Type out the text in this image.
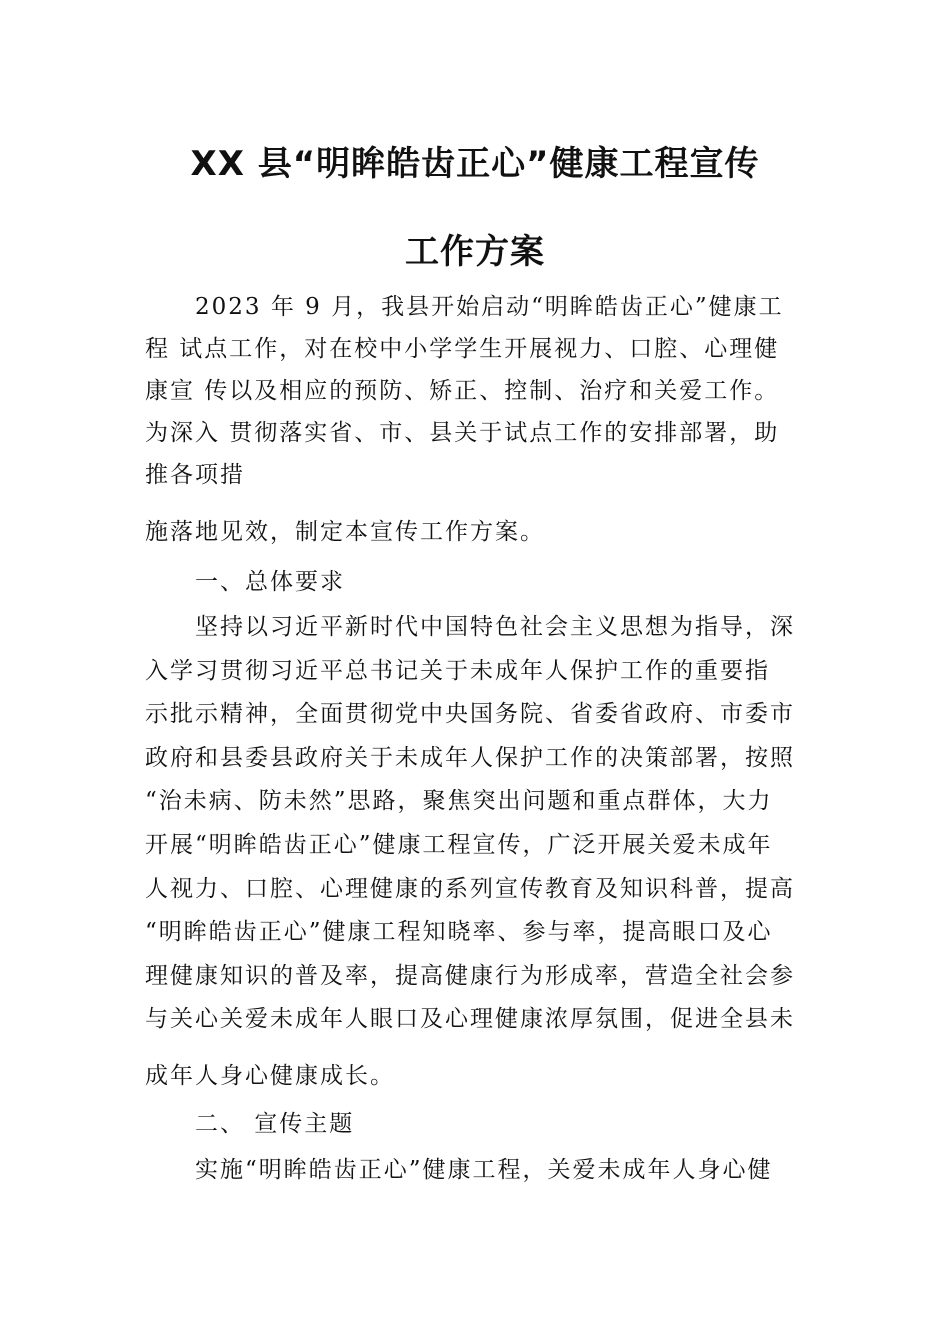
XX 县“明眸皓齿正心”健康工程宣传
工作方案
2023 年 9 月，我县开始启动“明眸皓齿正心”健康工
程 试点工作，对在校中小学学生开展视力、口腔、心理健
康宣 传以及相应的预防、矫正、控制、治疗和关爱工作。
为深入 贯彻落实省、市、县关于试点工作的安排部署，助
推各项措
施落地见效，制定本宣传工作方案。
一、总体要求
坚持以习近平新时代中国特色社会主义思想为指导，深
入学习贯彻习近平总书记关于未成年人保护工作的重要指
示批示精神，全面贯彻党中央国务院、省委省政府、市委市
政府和县委县政府关于未成年人保护工作的决策部署，按照
“治未病、防未然”思路，聚焦突出问题和重点群体，大力
开展“明眸皓齿正心”健康工程宣传，广泛开展关爱未成年
人视力、口腔、心理健康的系列宣传教育及知识科普，提高
“明眸皓齿正心”健康工程知晓率、参与率，提高眼口及心
理健康知识的普及率，提高健康行为形成率，营造全社会参
与关心关爱未成年人眼口及心理健康浓厚氛围，促进全县未
成年人身心健康成长。
二、 宣传主题
实施“明眸皓齿正心”健康工程，关爱未成年人身心健
